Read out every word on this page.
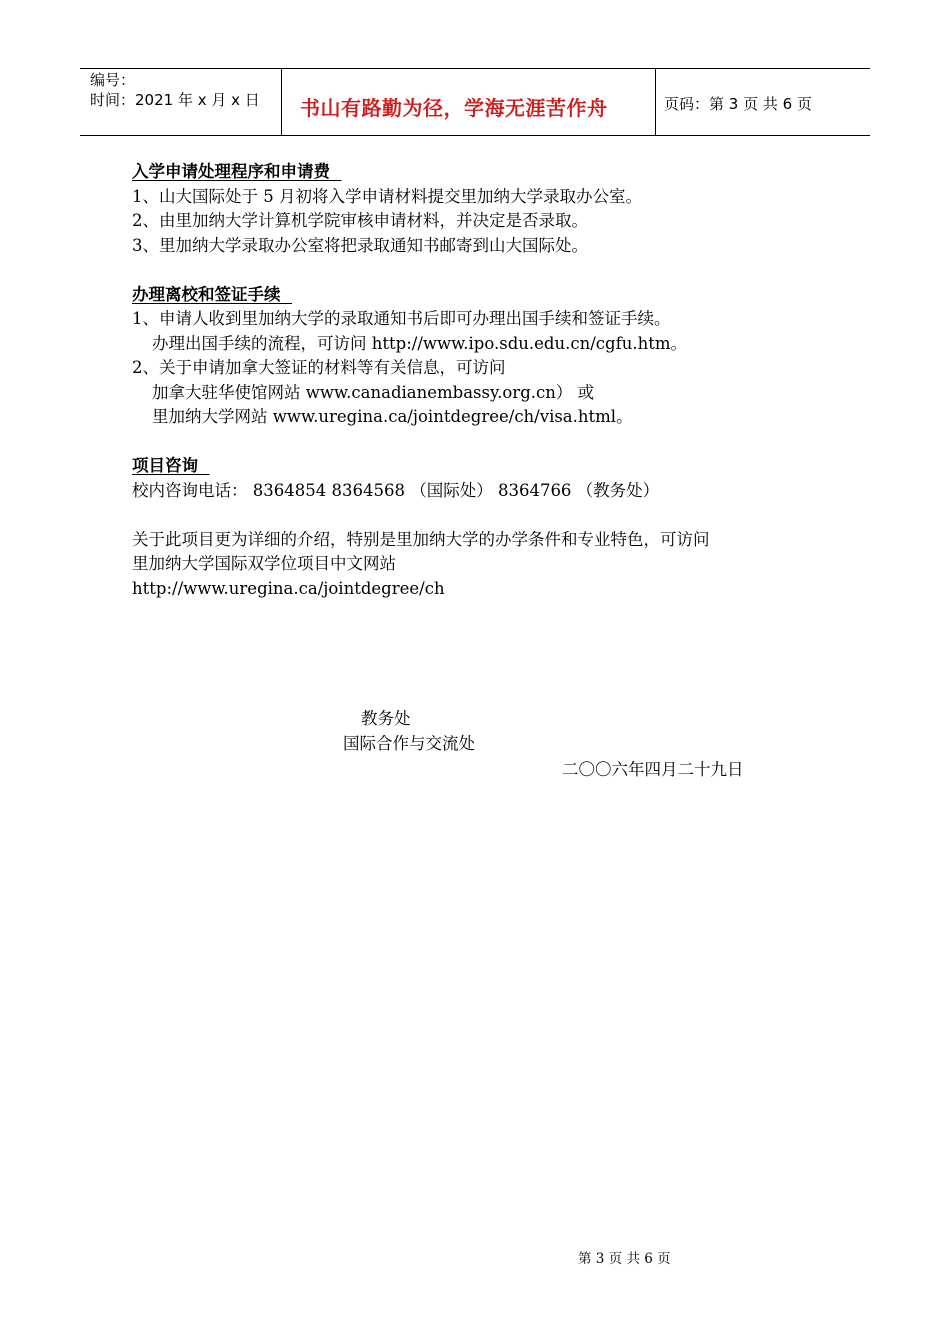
编号：
时间：2021 年 x 月 x 日 书山有路勤为径，学海无涯苦作舟	页码：第 3 页 共 6 页
入学申请处理程序和申请费
1、山大国际处于 5 月初将入学申请材料提交里加纳大学录取办公室。
2、由里加纳大学计算机学院审核申请材料，并决定是否录取。
3、里加纳大学录取办公室将把录取通知书邮寄到山大国际处。
办理离校和签证手续
1、申请人收到里加纳大学的录取通知书后即可办理出国手续和签证手续。
办理出国手续的流程，可访问 http://www.ipo.sdu.edu.cn/cgfu.htm。
2、关于申请加拿大签证的材料等有关信息，可访问
加拿大驻华使馆网站 www.canadianembassy.org.cn） 或
里加纳大学网站 www.uregina.ca/jointdegree/ch/visa.html。
项目咨询
校内咨询电话： 8364854 8364568 （国际处） 8364766 （教务处）
关于此项目更为详细的介绍，特别是里加纳大学的办学条件和专业特色，可访问
里加纳大学国际双学位项目中文网站
http://www.uregina.ca/jointdegree/ch
教务处
国际合作与交流处
二〇〇六年四月二十九日
第 3 页 共 6 页
